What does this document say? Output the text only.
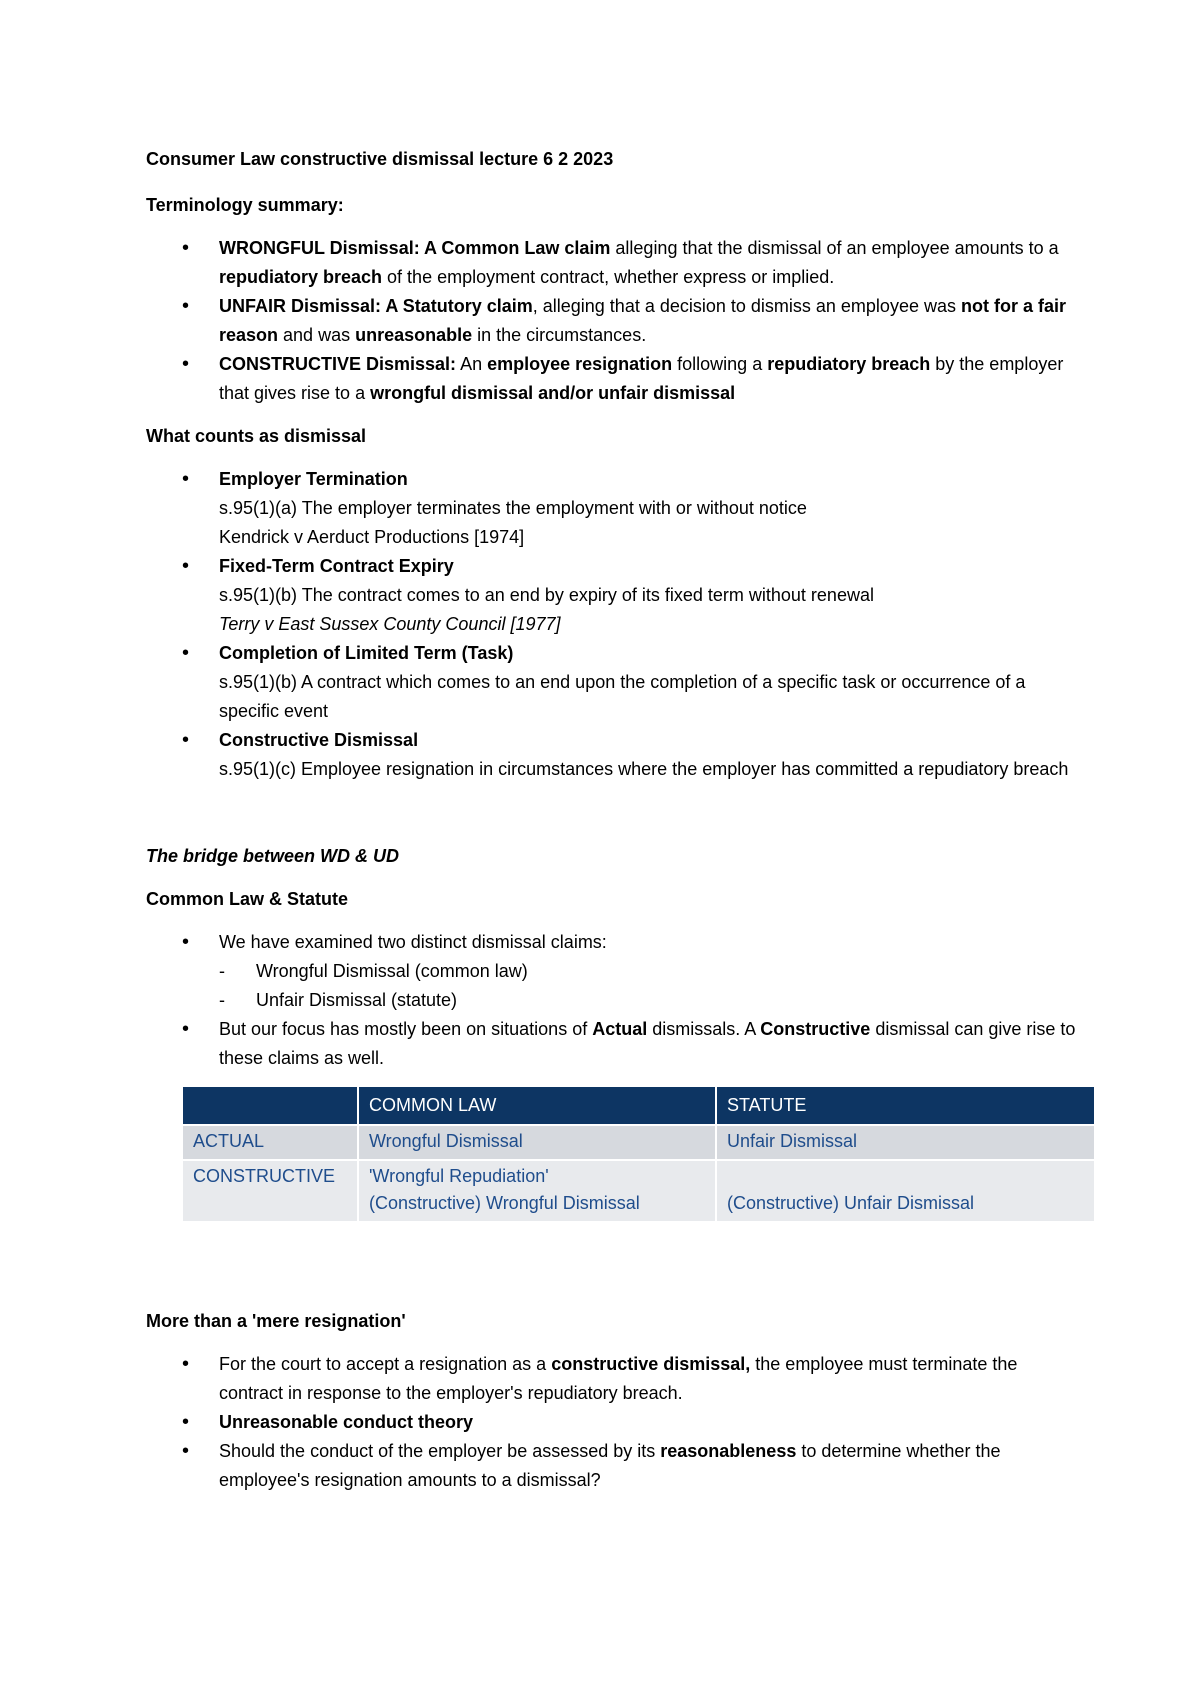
Consumer Law constructive dismissal lecture 6 2 2023

Terminology summary:

• WRONGFUL Dismissal: A Common Law claim alleging that the dismissal of an employee amounts to a repudiatory breach of the employment contract, whether express or implied.
• UNFAIR Dismissal: A Statutory claim, alleging that a decision to dismiss an employee was not for a fair reason and was unreasonable in the circumstances.
• CONSTRUCTIVE Dismissal: An employee resignation following a repudiatory breach by the employer that gives rise to a wrongful dismissal and/or unfair dismissal

What counts as dismissal

• Employer Termination
s.95(1)(a) The employer terminates the employment with or without notice
Kendrick v Aerduct Productions [1974]
• Fixed-Term Contract Expiry
s.95(1)(b) The contract comes to an end by expiry of its fixed term without renewal
Terry v East Sussex County Council [1977]
• Completion of Limited Term (Task)
s.95(1)(b) A contract which comes to an end upon the completion of a specific task or occurrence of a specific event
• Constructive Dismissal
s.95(1)(c) Employee resignation in circumstances where the employer has committed a repudiatory breach

The bridge between WD & UD

Common Law & Statute

• We have examined two distinct dismissal claims:
- Wrongful Dismissal (common law)
- Unfair Dismissal (statute)
• But our focus has mostly been on situations of Actual dismissals. A Constructive dismissal can give rise to these claims as well.
	COMMON LAW	STATUTE
ACTUAL	Wrongful Dismissal	Unfair Dismissal
CONSTRUCTIVE	'Wrongful Repudiation'
(Constructive) Wrongful Dismissal	(Constructive) Unfair Dismissal

More than a 'mere resignation'

• For the court to accept a resignation as a constructive dismissal, the employee must terminate the contract in response to the employer's repudiatory breach.
• Unreasonable conduct theory
• Should the conduct of the employer be assessed by its reasonableness to determine whether the employee's resignation amounts to a dismissal?
